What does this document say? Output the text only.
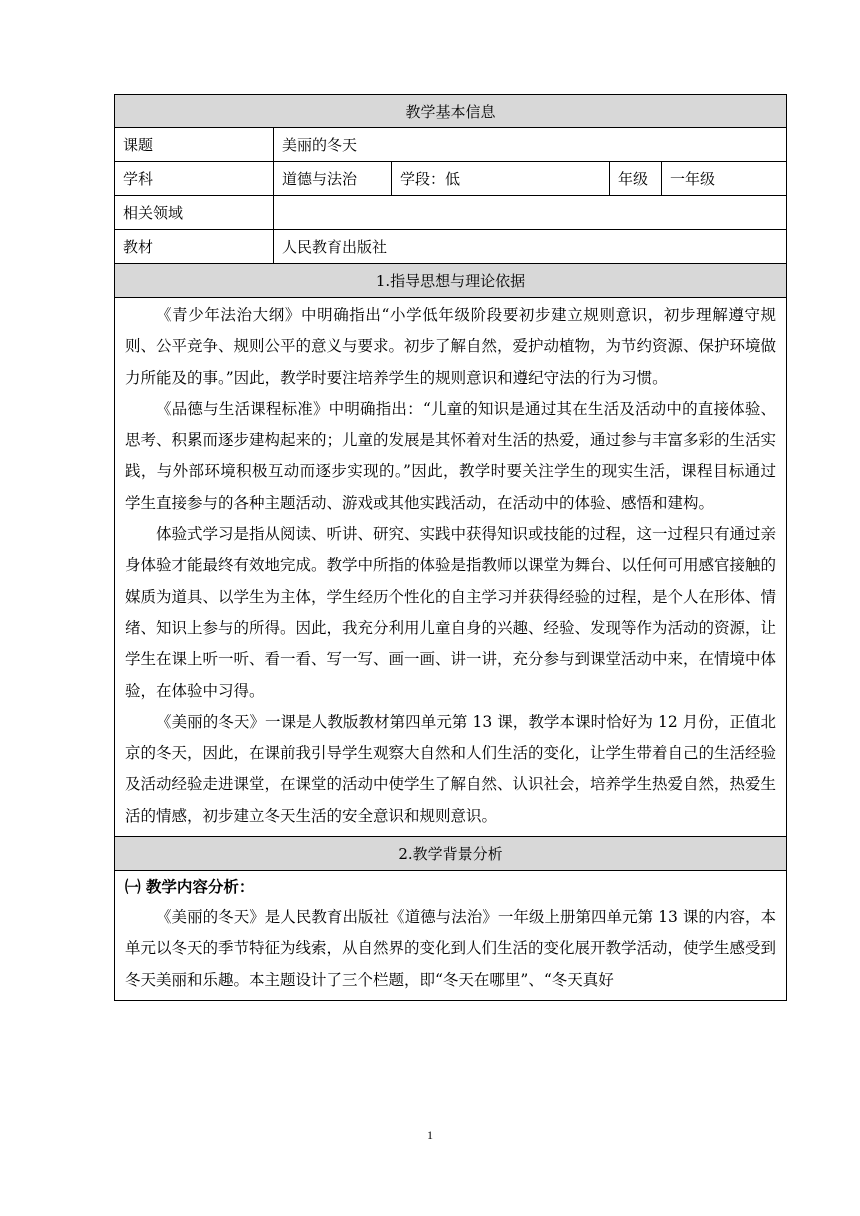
教学基本信息				
课题	美丽的冬天			
学科	道德与法治	学段：低	年级	一年级
相关领域				
教材	人民教育出版社			
1.指导思想与理论依据				

《青少年法治大纲》中明确指出“小学低年级阶段要初步建立规则意识，初步理解遵守规则、公平竞争、规则公平的意义与要求。初步了解自然，爱护动植物，为节约资源、保护环境做力所能及的事。”因此，教学时要注培养学生的规则意识和遵纪守法的行为习惯。

《品德与生活课程标准》中明确指出：“儿童的知识是通过其在生活及活动中的直接体验、思考、积累而逐步建构起来的；儿童的发展是其怀着对生活的热爱，通过参与丰富多彩的生活实践，与外部环境积极互动而逐步实现的。”因此，教学时要关注学生的现实生活，课程目标通过学生直接参与的各种主题活动、游戏或其他实践活动，在活动中的体验、感悟和建构。

体验式学习是指从阅读、听讲、研究、实践中获得知识或技能的过程，这一过程只有通过亲身体验才能最终有效地完成。教学中所指的体验是指教师以课堂为舞台、以任何可用感官接触的媒质为道具、以学生为主体，学生经历个性化的自主学习并获得经验的过程，是个人在形体、情绪、知识上参与的所得。因此，我充分利用儿童自身的兴趣、经验、发现等作为活动的资源，让学生在课上听一听、看一看、写一写、画一画、讲一讲，充分参与到课堂活动中来，在情境中体验，在体验中习得。

《美丽的冬天》一课是人教版教材第四单元第 13 课，教学本课时恰好为 12 月份，正值北京的冬天，因此，在课前我引导学生观察大自然和人们生活的变化，让学生带着自己的生活经验及活动经验走进课堂，在课堂的活动中使学生了解自然、认识社会，培养学生热爱自然，热爱生活的情感，初步建立冬天生活的安全意识和规则意识。				

2.教学背景分析				

㈠ 教学内容分析：

《美丽的冬天》是人民教育出版社《道德与法治》一年级上册第四单元第 13 课的内容，本单元以冬天的季节特征为线索，从自然界的变化到人们生活的变化展开教学活动，使学生感受到冬天美丽和乐趣。本主题设计了三个栏题，即“冬天在哪里”、“冬天真好				

1
